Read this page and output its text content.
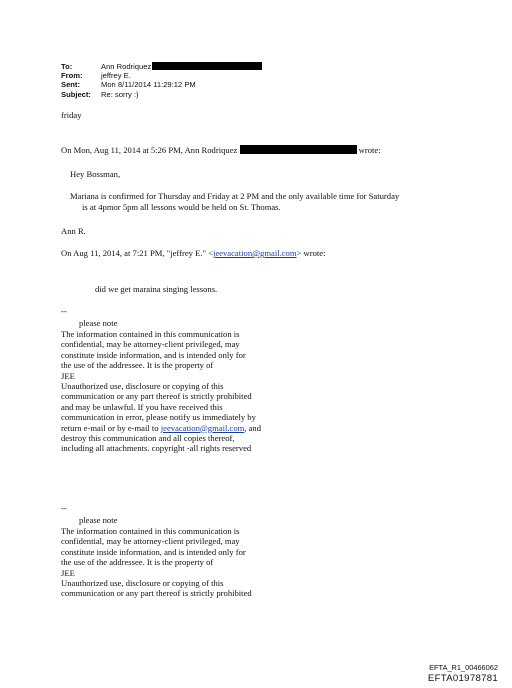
To:	Ann Rodriquez
From:	jeffrey E.
Sent:	Mon 8/11/2014 11:29:12 PM
Subject:	Re: sorry :)
friday
On Mon, Aug 11, 2014 at 5:26 PM, Ann Rodriquez	wrote:
Hey Bossman,
Mariana is confirmed for Thursday and Friday at 2 PM and the only available time for Saturday
is at 4pmor 5pm all lessons would be held on St. Thomas.
Ann R.
On Aug 11, 2014, at 7:21 PM, "jeffrey E." <jeevacation@gmail.com> wrote:
did we get maraina singing lessons.
--
please note
The information contained in this communication is
confidential, may be attorney-client privileged, may
constitute inside information, and is intended only for
the use of the addressee. It is the property of
JEE
Unauthorized use, disclosure or copying of this
communication or any part thereof is strictly prohibited
and may be unlawful. If you have received this
communication in error, please notify us immediately by
return e-mail or by e-mail to jeevacation@gmail.com, and
destroy this communication and all copies thereof,
including all attachments. copyright -all rights reserved
--
please note
The information contained in this communication is
confidential, may be attorney-client privileged, may
constitute inside information, and is intended only for
the use of the addressee. It is the property of
JEE
Unauthorized use, disclosure or copying of this
communication or any part thereof is strictly prohibited
EFTA_R1_00466062
EFTA01978781
